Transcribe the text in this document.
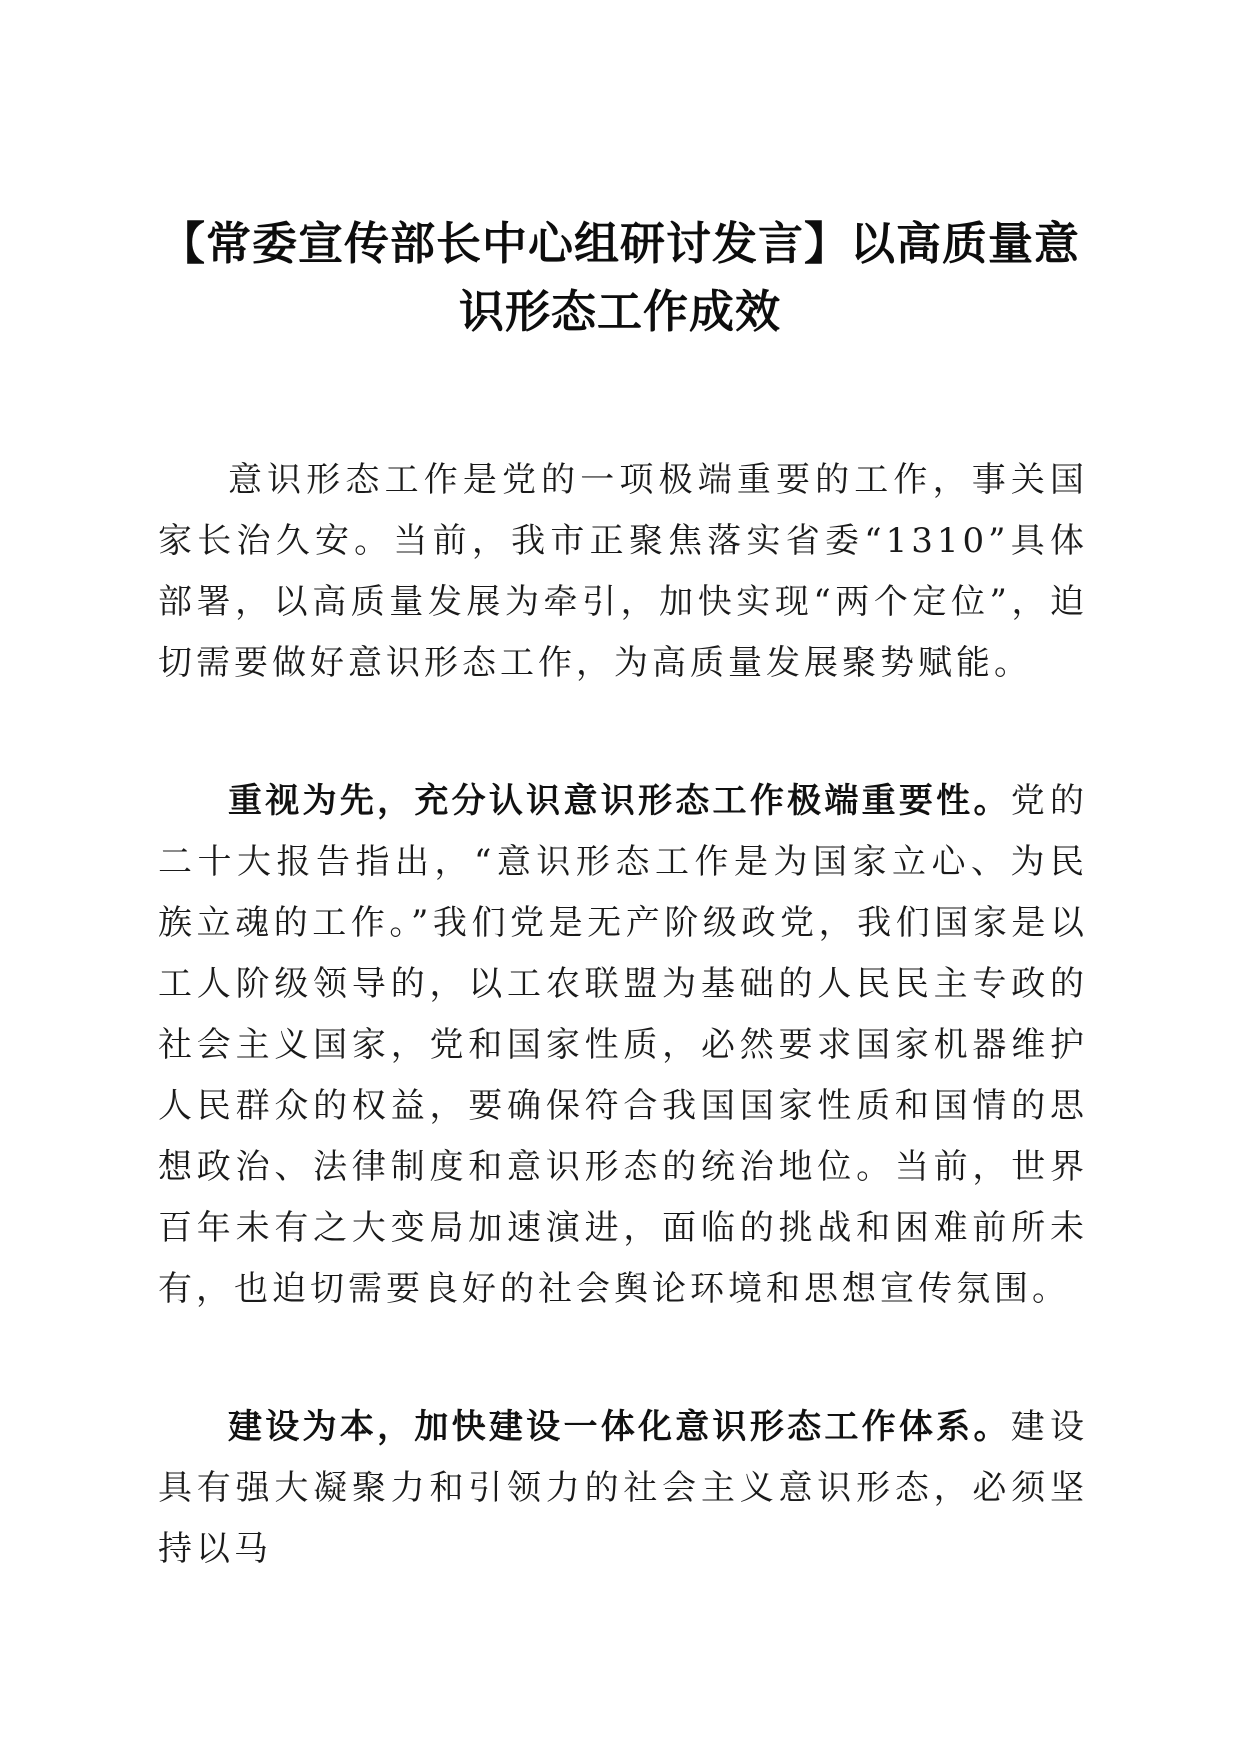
【常委宣传部长中心组研讨发言】以高质量意
识形态工作成效

意识形态工作是党的一项极端重要的工作，事关国家长治久安。当前，我市正聚焦落实省委“1310”具体部署，以高质量发展为牵引，加快实现“两个定位”，迫切需要做好意识形态工作，为高质量发展聚势赋能。

重视为先，充分认识意识形态工作极端重要性。党的二十大报告指出，“意识形态工作是为国家立心、为民族立魂的工作。”我们党是无产阶级政党，我们国家是以工人阶级领导的，以工农联盟为基础的人民民主专政的社会主义国家，党和国家性质，必然要求国家机器维护人民群众的权益，要确保符合我国国家性质和国情的思想政治、法律制度和意识形态的统治地位。当前，世界百年未有之大变局加速演进，面临的挑战和困难前所未有，也迫切需要良好的社会舆论环境和思想宣传氛围。

建设为本，加快建设一体化意识形态工作体系。建设具有强大凝聚力和引领力的社会主义意识形态，必须坚持以马
